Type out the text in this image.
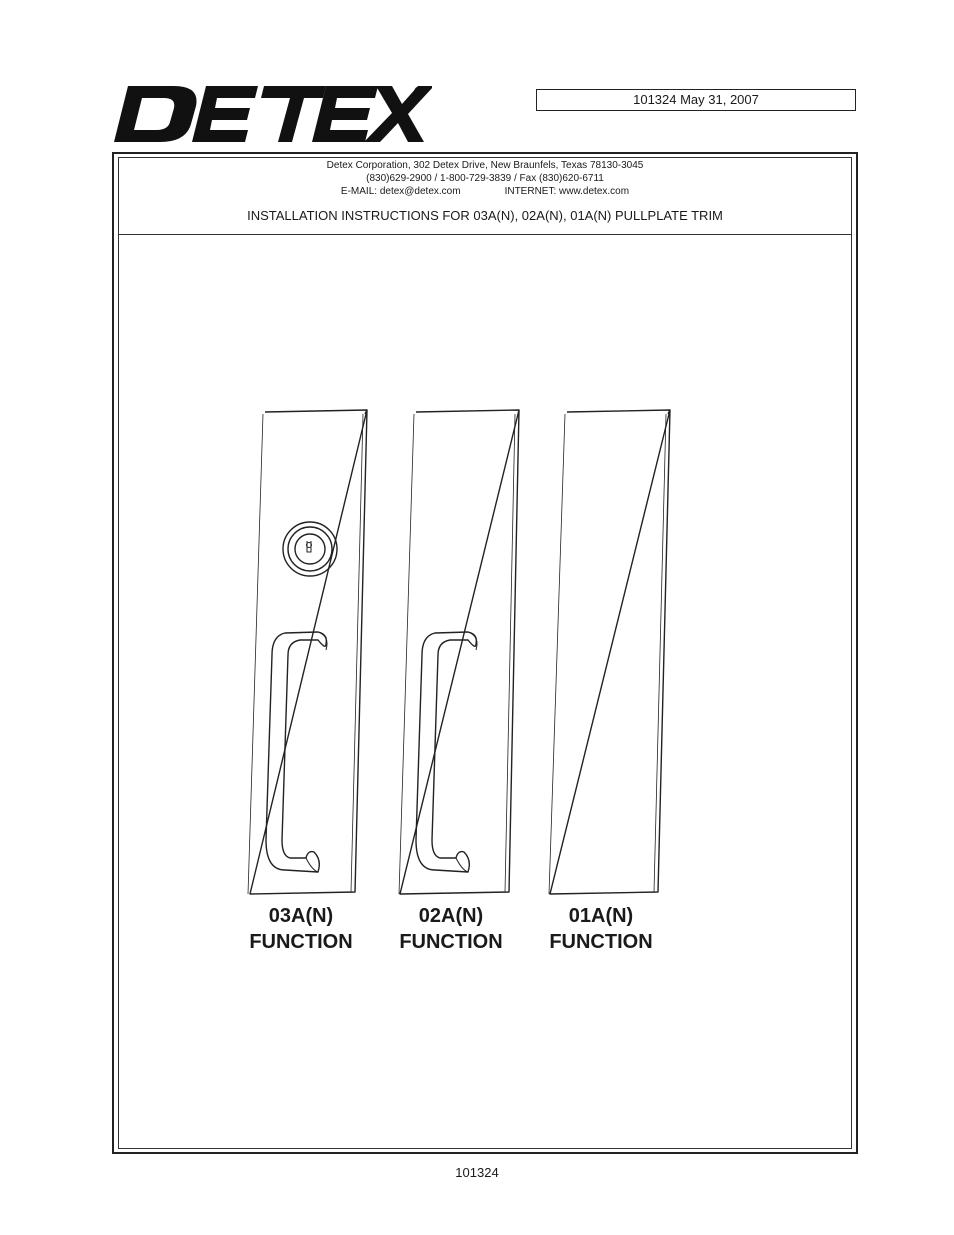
®
101324 May 31, 2007
Detex Corporation, 302 Detex Drive, New Braunfels, Texas 78130-3045
(830)629-2900 / 1-800-729-3839 / Fax (830)620-6711
E-MAIL: detex@detex.com	INTERNET: www.detex.com
INSTALLATION INSTRUCTIONS FOR 03A(N), 02A(N), 01A(N) PULLPLATE TRIM
03A(N)
FUNCTION
02A(N)
FUNCTION
01A(N)
FUNCTION
101324
